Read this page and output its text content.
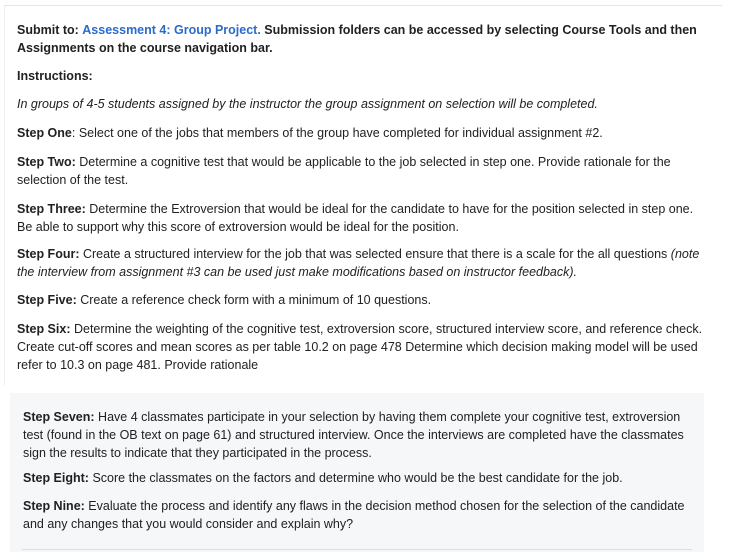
Submit to: Assessment 4: Group Project. Submission folders can be accessed by selecting Course Tools and then Assignments on the course navigation bar.

Instructions:

In groups of 4-5 students assigned by the instructor the group assignment on selection will be completed.

Step One: Select one of the jobs that members of the group have completed for individual assignment #2.

Step Two: Determine a cognitive test that would be applicable to the job selected in step one. Provide rationale for the selection of the test.

Step Three: Determine the Extroversion that would be ideal for the candidate to have for the position selected in step one. Be able to support why this score of extroversion would be ideal for the position.

Step Four: Create a structured interview for the job that was selected ensure that there is a scale for the all questions (note the interview from assignment #3 can be used just make modifications based on instructor feedback).

Step Five: Create a reference check form with a minimum of 10 questions.

Step Six: Determine the weighting of the cognitive test, extroversion score, structured interview score, and reference check. Create cut-off scores and mean scores as per table 10.2 on page 478 Determine which decision making model will be used refer to 10.3 on page 481. Provide rationale

Step Seven: Have 4 classmates participate in your selection by having them complete your cognitive test, extroversion test (found in the OB text on page 61) and structured interview. Once the interviews are completed have the classmates sign the results to indicate that they participated in the process.

Step Eight: Score the classmates on the factors and determine who would be the best candidate for the job.

Step Nine: Evaluate the process and identify any flaws in the decision method chosen for the selection of the candidate and any changes that you would consider and explain why?
